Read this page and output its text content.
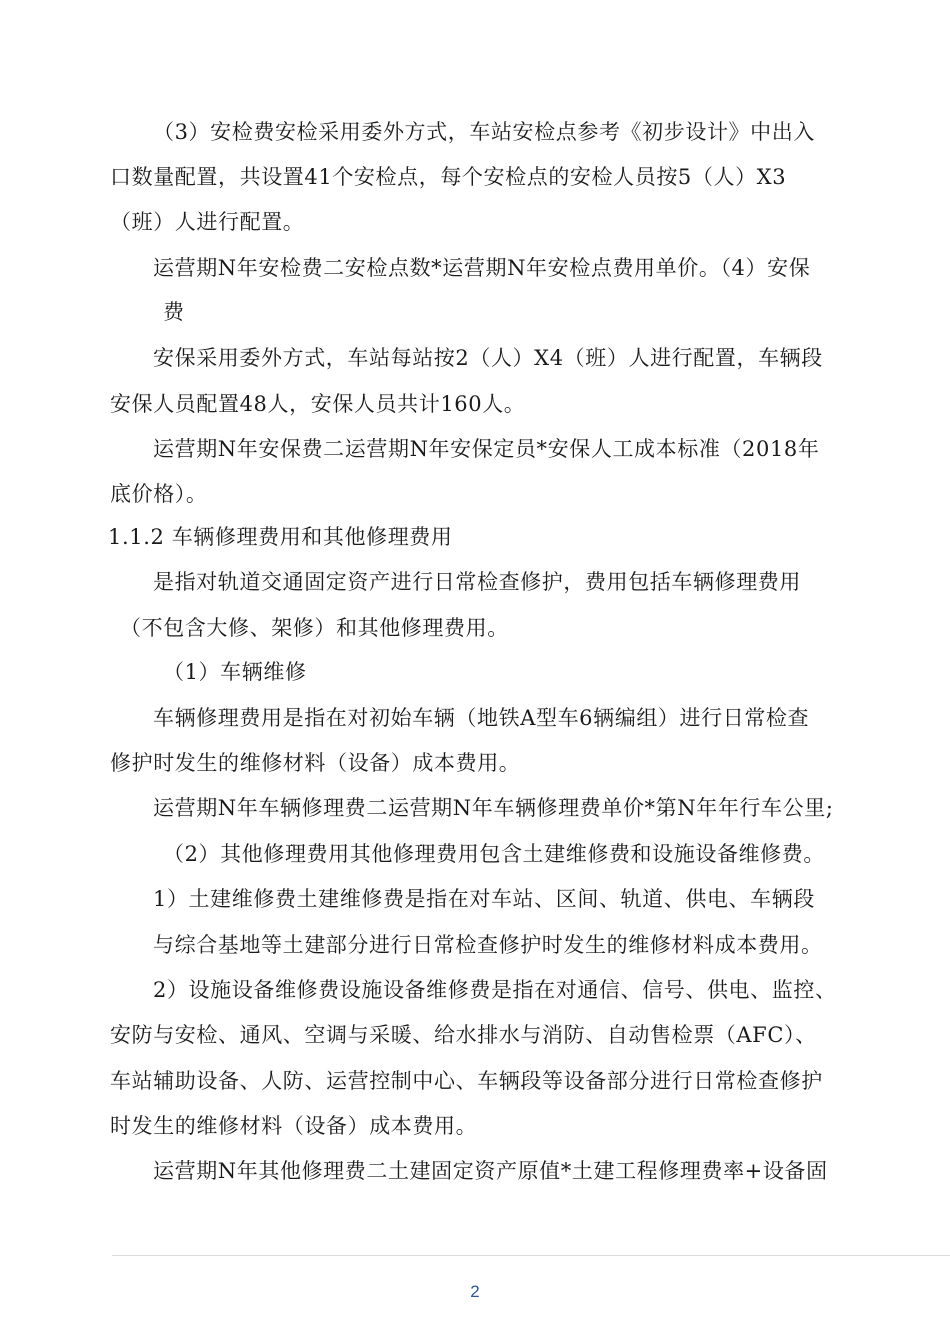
（3）安检费安检采用委外方式，车站安检点参考《初步设计》中出入
口数量配置，共设置41个安检点，每个安检点的安检人员按5（人）X3
（班）人进行配置。
运营期N年安检费二安检点数*运营期N年安检点费用单价。（4）安保
费
安保采用委外方式，车站每站按2（人）X4（班）人进行配置，车辆段
安保人员配置48人，安保人员共计160人。
运营期N年安保费二运营期N年安保定员*安保人工成本标准（2018年
底价格）。
1.1.2 车辆修理费用和其他修理费用
是指对轨道交通固定资产进行日常检查修护，费用包括车辆修理费用
（不包含大修、架修）和其他修理费用。
（1）车辆维修
车辆修理费用是指在对初始车辆（地铁A型车6辆编组）进行日常检查
修护时发生的维修材料（设备）成本费用。
运营期N年车辆修理费二运营期N年车辆修理费单价*第N年年行车公里;
（2）其他修理费用其他修理费用包含土建维修费和设施设备维修费。
1）土建维修费土建维修费是指在对车站、区间、轨道、供电、车辆段
与综合基地等土建部分进行日常检查修护时发生的维修材料成本费用。
2）设施设备维修费设施设备维修费是指在对通信、信号、供电、监控、
安防与安检、通风、空调与采暖、给水排水与消防、自动售检票（AFC）、
车站辅助设备、人防、运营控制中心、车辆段等设备部分进行日常检查修护
时发生的维修材料（设备）成本费用。
运营期N年其他修理费二土建固定资产原值*土建工程修理费率+设备固
2
